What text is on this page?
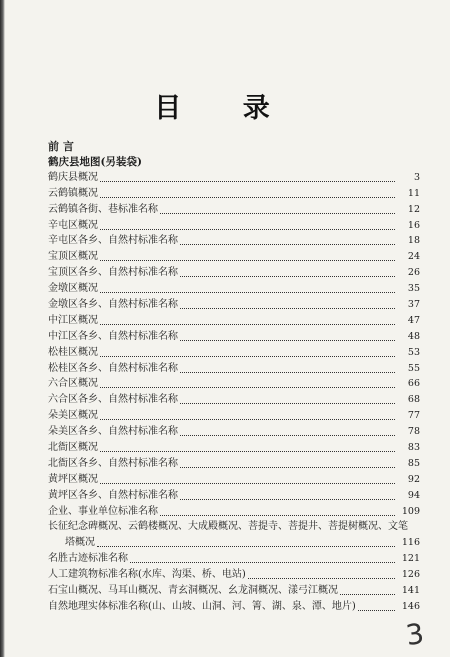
目 录
前 言
鹤庆县地图(另装袋)
鹤庆县概况	3
云鹤镇概况	11
云鹤镇各街、巷标准名称	12
辛屯区概况	16
辛屯区各乡、自然村标准名称	18
宝顶区概况	24
宝顶区各乡、自然村标准名称	26
金墩区概况	35
金墩区各乡、自然村标准名称	37
中江区概况	47
中江区各乡、自然村标准名称	48
松桂区概况	53
松桂区各乡、自然村标准名称	55
六合区概况	66
六合区各乡、自然村标准名称	68
朵美区概况	77
朵美区各乡、自然村标准名称	78
北衙区概况	83
北衙区各乡、自然村标准名称	85
黄坪区概况	92
黄坪区各乡、自然村标准名称	94
企业、事业单位标准名称	109
长征纪念碑概况、云鹤楼概况、大成殿概况、菩提寺、菩提井、菩提树概况、文笔
塔概况	116
名胜古迹标准名称	121
人工建筑物标准名称(水库、沟渠、桥、电站)	126
石宝山概况、马耳山概况、青玄洞概况、幺龙洞概况、漾弓江概况	141
自然地理实体标准名称(山、山坡、山洞、河、箐、湖、泉、潭、地片)	146
3
